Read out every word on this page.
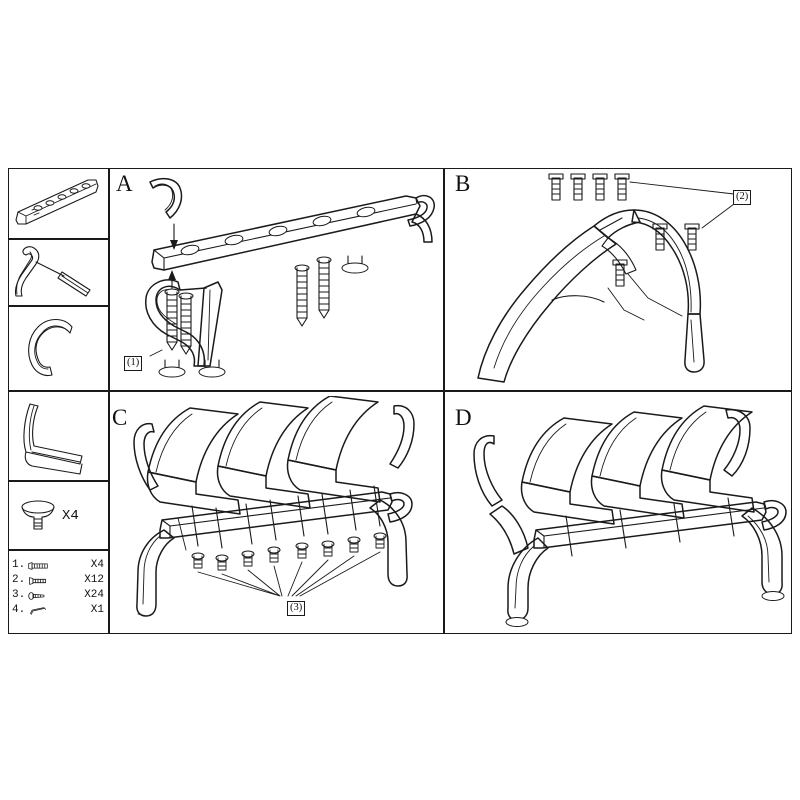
A	B
C	D
X4
1.	X4
2.	X12
3.	X24
4.	X1
(1)
(2)
(3)
